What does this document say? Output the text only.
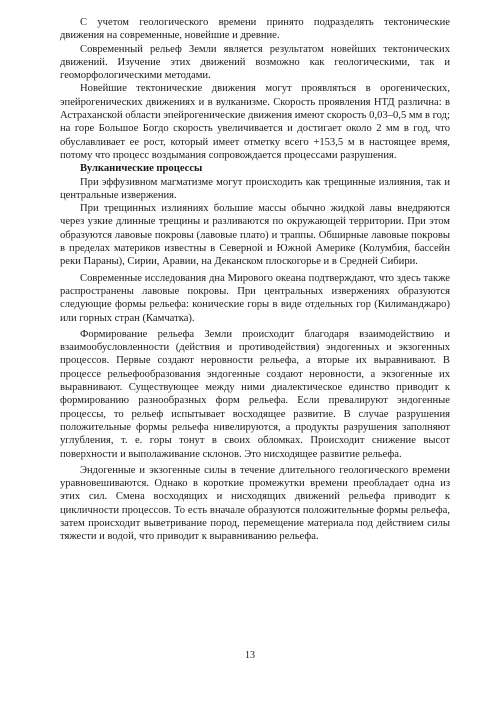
С учетом геологического времени принято подразделять тектонические движения на современные, новейшие и древние.

Современный рельеф Земли является результатом новейших тектонических движений. Изучение этих движений возможно как геологическими, так и геоморфологическими методами.

Новейшие тектонические движения могут проявляться в орогенических, эпейрогенических движениях и в вулканизме. Скорость проявления НТД различна: в Астраханской области эпейрогенические движения имеют скорость 0,03–0,5 мм в год; на горе Большое Богдо скорость увеличивается и достигает около 2 мм в год, что обуславливает ее рост, который имеет отметку всего +153,5 м в настоящее время, потому что процесс воздымания сопровождается процессами разрушения.

Вулканические процессы

При эффузивном магматизме могут происходить как трещинные излияния, так и центральные извержения.

При трещинных излияниях большие массы обычно жидкой лавы внедряются через узкие длинные трещины и разливаются по окружающей территории. При этом образуются лавовые покровы (лавовые плато) и траппы. Обширные лавовые покровы в пределах материков известны в Северной и Южной Америке (Колумбия, бассейн реки Параны), Сирии, Аравии, на Деканском плоскогорье и в Средней Сибири.

Современные исследования дна Мирового океана подтверждают, что здесь также распространены лавовые покровы. При центральных извержениях образуются следующие формы рельефа: конические горы в виде отдельных гор (Килиманджаро) или горных стран (Камчатка).

Формирование рельефа Земли происходит благодаря взаимодействию и взаимообусловленности (действия и противодействия) эндогенных и экзогенных процессов. Первые создают неровности рельефа, а вторые их выравнивают. В процессе рельефообразования эндогенные создают неровности, а экзогенные их выравнивают. Существующее между ними диалектическое единство приводит к формированию разнообразных форм рельефа. Если превалируют эндогенные процессы, то рельеф испытывает восходящее развитие. В случае разрушения положительные формы рельефа нивелируются, а продукты разрушения заполняют углубления, т. е. горы тонут в своих обломках. Происходит снижение высот поверхности и выполаживание склонов. Это нисходящее развитие рельефа.

Эндогенные и экзогенные силы в течение длительного геологического времени уравновешиваются. Однако в короткие промежутки времени преобладает одна из этих сил. Смена восходящих и нисходящих движений рельефа приводит к цикличности процессов. То есть вначале образуются положительные формы рельефа, затем происходит выветривание пород, перемещение материала под действием силы тяжести и водой, что приводит к выравниванию рельефа.

13
